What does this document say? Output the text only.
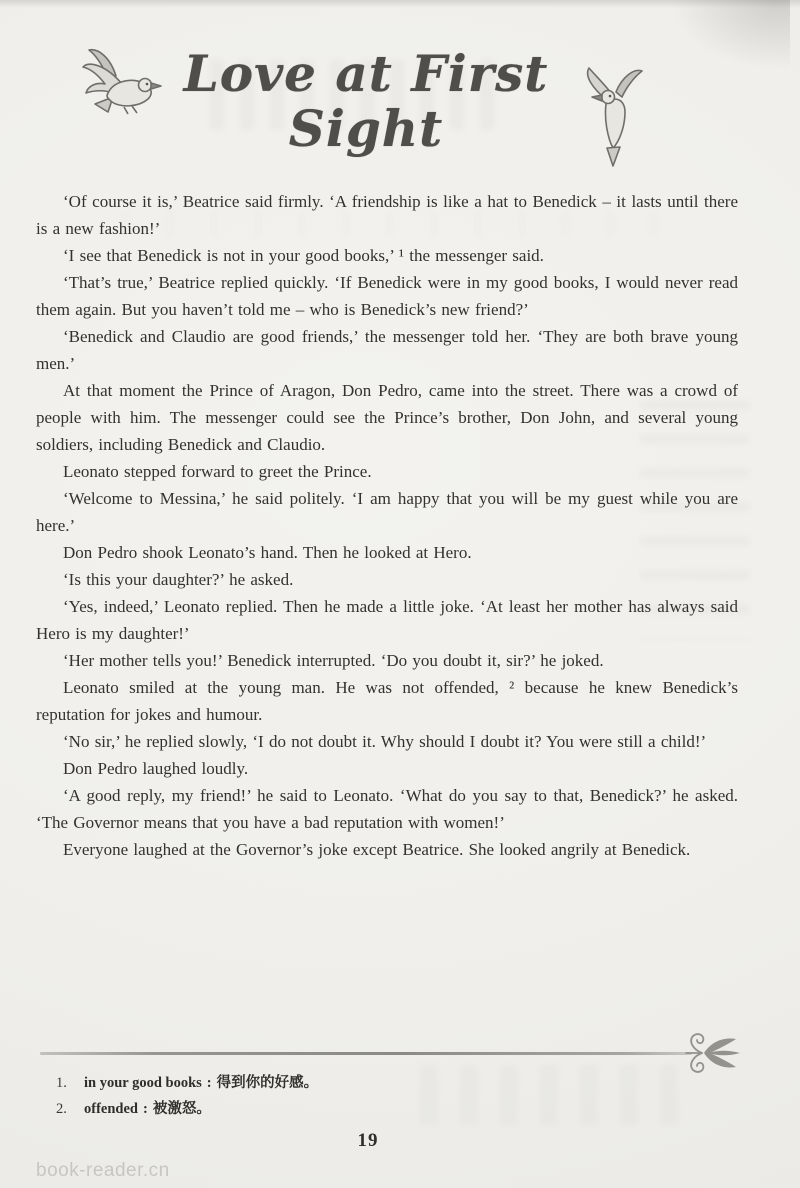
Love at First Sight

‘Of course it is,’ Beatrice said firmly. ‘A friendship is like a hat to Benedick – it lasts until there is a new fashion!’

‘I see that Benedick is not in your good books,’ ¹ the messenger said.

‘That’s true,’ Beatrice replied quickly. ‘If Benedick were in my good books, I would never read them again. But you haven’t told me – who is Benedick’s new friend?’

‘Benedick and Claudio are good friends,’ the messenger told her. ‘They are both brave young men.’

At that moment the Prince of Aragon, Don Pedro, came into the street. There was a crowd of people with him. The messenger could see the Prince’s brother, Don John, and several young soldiers, including Benedick and Claudio.

Leonato stepped forward to greet the Prince.

‘Welcome to Messina,’ he said politely. ‘I am happy that you will be my guest while you are here.’

Don Pedro shook Leonato’s hand. Then he looked at Hero.

‘Is this your daughter?’ he asked.

‘Yes, indeed,’ Leonato replied. Then he made a little joke. ‘At least her mother has always said Hero is my daughter!’

‘Her mother tells you!’ Benedick interrupted. ‘Do you doubt it, sir?’ he joked.

Leonato smiled at the young man. He was not offended, ² because he knew Benedick’s reputation for jokes and humour.

‘No sir,’ he replied slowly, ‘I do not doubt it. Why should I doubt it? You were still a child!’

Don Pedro laughed loudly.

‘A good reply, my friend!’ he said to Leonato. ‘What do you say to that, Benedick?’ he asked. ‘The Governor means that you have a bad reputation with women!’

Everyone laughed at the Governor’s joke except Beatrice. She looked angrily at Benedick.

1. in your good books : 得到你的好感。
2. offended : 被激怒。
19
book-reader.cn
